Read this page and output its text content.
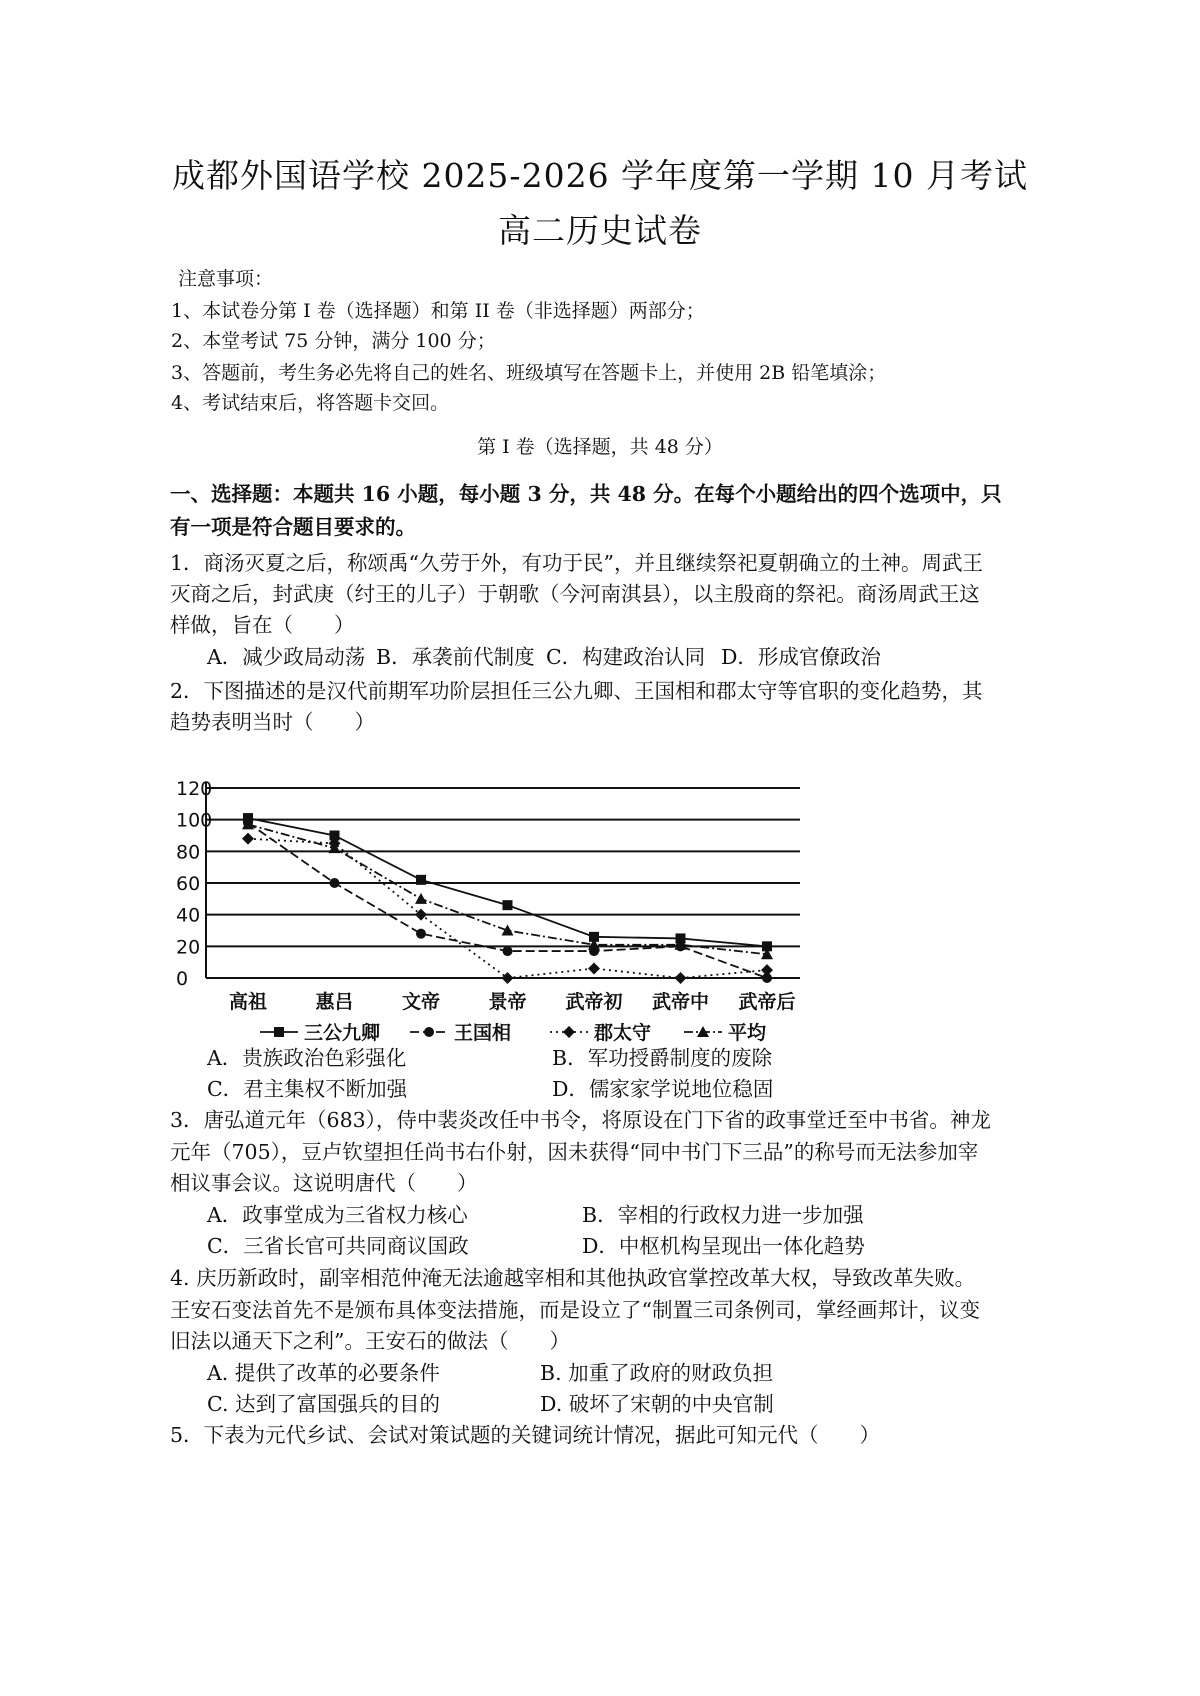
成都外国语学校 2025-2026 学年度第一学期 10 月考试
高二历史试卷
注意事项：
1、本试卷分第 I 卷（选择题）和第 II 卷（非选择题）两部分；
2、本堂考试 75 分钟，满分 100 分；
3、答题前，考生务必先将自己的姓名、班级填写在答题卡上，并使用 2B 铅笔填涂；
4、考试结束后，将答题卡交回。
第 I 卷（选择题，共 48 分）
一、选择题：本题共 16 小题，每小题 3 分，共 48 分。在每个小题给出的四个选项中，只
有一项是符合题目要求的。
1．商汤灭夏之后，称颂禹“久劳于外，有功于民”，并且继续祭祀夏朝确立的土神。周武王
灭商之后，封武庚（纣王的儿子）于朝歌（今河南淇县），以主殷商的祭祀。商汤周武王这
样做，旨在（　　）
A．减少政局动荡 B．承袭前代制度 C．构建政治认同 D．形成官僚政治
2．下图描述的是汉代前期军功阶层担任三公九卿、王国相和郡太守等官职的变化趋势，其
趋势表明当时（　　）
0
20
40
60
80
100
120
高祖	惠吕	文帝	景帝 武帝初 武帝中 武帝后
三公九卿	王国相	郡太守	平均
A．贵族政治色彩强化	B．军功授爵制度的废除
C．君主集权不断加强	D．儒家家学说地位稳固
3．唐弘道元年（683），侍中裴炎改任中书令，将原设在门下省的政事堂迁至中书省。神龙
元年（705），豆卢钦望担任尚书右仆射，因未获得“同中书门下三品”的称号而无法参加宰
相议事会议。这说明唐代（　　）
A．政事堂成为三省权力核心	B．宰相的行政权力进一步加强
C．三省长官可共同商议国政	D．中枢机构呈现出一体化趋势
4. 庆历新政时，副宰相范仲淹无法逾越宰相和其他执政官掌控改革大权，导致改革失败。
王安石变法首先不是颁布具体变法措施，而是设立了“制置三司条例司，掌经画邦计，议变
旧法以通天下之利”。王安石的做法（　　）
A. 提供了改革的必要条件	B. 加重了政府的财政负担
C. 达到了富国强兵的目的	D. 破坏了宋朝的中央官制
5．下表为元代乡试、会试对策试题的关键词统计情况，据此可知元代（　　）
